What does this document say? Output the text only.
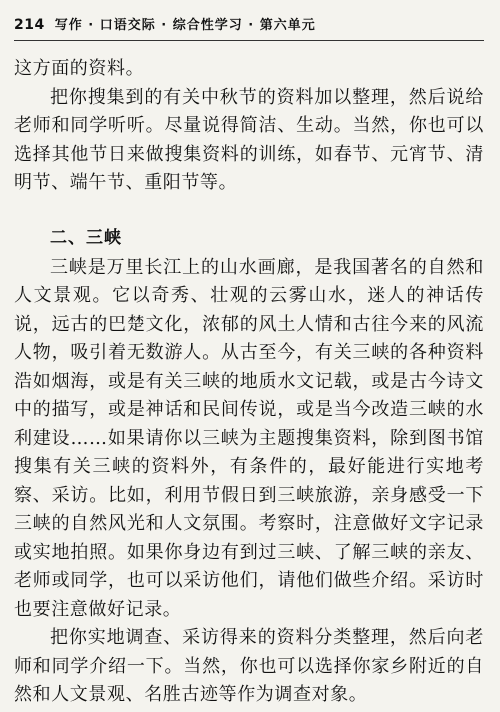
214 写作 · 口语交际 · 综合性学习 · 第六单元

这方面的资料。

把你搜集到的有关中秋节的资料加以整理，然后说给老师和同学听听。尽量说得简洁、生动。当然，你也可以选择其他节日来做搜集资料的训练，如春节、元宵节、清明节、端午节、重阳节等。

二、三峡

三峡是万里长江上的山水画廊，是我国著名的自然和人文景观。它以奇秀、壮观的云雾山水，迷人的神话传说，远古的巴楚文化，浓郁的风土人情和古往今来的风流人物，吸引着无数游人。从古至今，有关三峡的各种资料浩如烟海，或是有关三峡的地质水文记载，或是古今诗文中的描写，或是神话和民间传说，或是当今改造三峡的水利建设……如果请你以三峡为主题搜集资料，除到图书馆搜集有关三峡的资料外，有条件的，最好能进行实地考察、采访。比如，利用节假日到三峡旅游，亲身感受一下三峡的自然风光和人文氛围。考察时，注意做好文字记录或实地拍照。如果你身边有到过三峡、了解三峡的亲友、老师或同学，也可以采访他们，请他们做些介绍。采访时也要注意做好记录。

把你实地调查、采访得来的资料分类整理，然后向老师和同学介绍一下。当然，你也可以选择你家乡附近的自然和人文景观、名胜古迹等作为调查对象。
